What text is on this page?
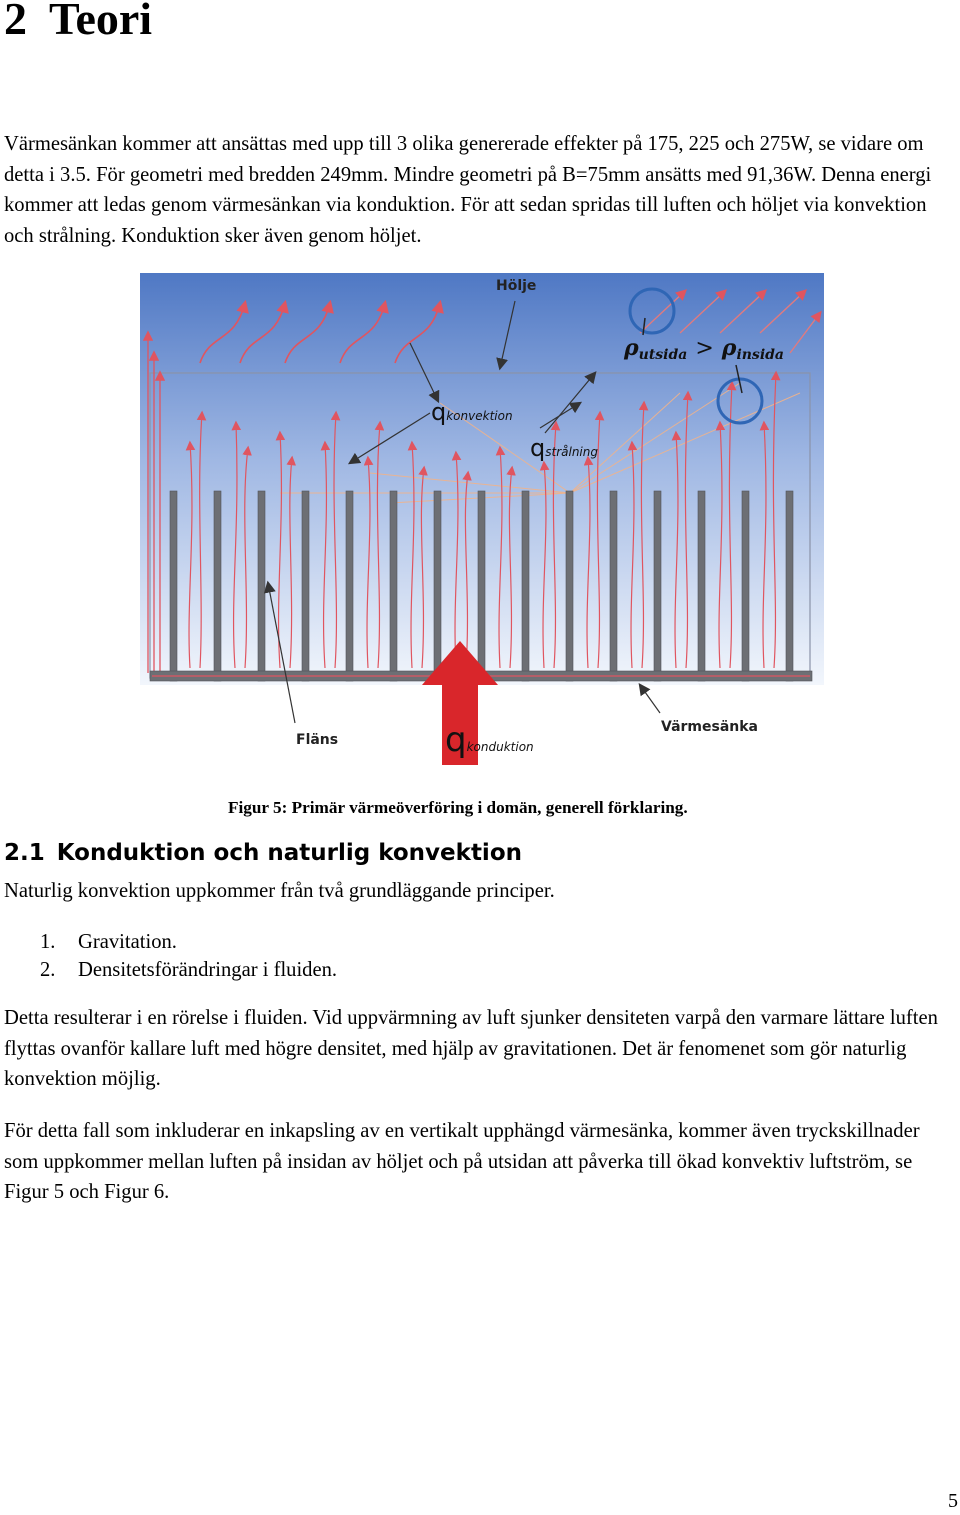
2 Teori

Värmesänkan kommer att ansättas med upp till 3 olika genererade effekter på 175, 225 och 275W, se vidare om detta i 3.5. För geometri med bredden 249mm. Mindre geometri på B=75mm ansätts med 91,36W. Denna energi kommer att ledas genom värmesänkan via konduktion. För att sedan spridas till luften och höljet via konvektion och strålning. Konduktion sker även genom höljet.

ρutsida > ρinsida
Hölje
qkonvektion
qstrålning
qkonduktion
Fläns
Värmesänka

Figur 5: Primär värmeöverföring i domän, generell förklaring.

2.1 Konduktion och naturlig konvektion

Naturlig konvektion uppkommer från två grundläggande principer.

1. Gravitation.
2. Densitetsförändringar i fluiden.

Detta resulterar i en rörelse i fluiden. Vid uppvärmning av luft sjunker densiteten varpå den varmare lättare luften flyttas ovanför kallare luft med högre densitet, med hjälp av gravitationen. Det är fenomenet som gör naturlig konvektion möjlig.

För detta fall som inkluderar en inkapsling av en vertikalt upphängd värmesänka, kommer även tryckskillnader som uppkommer mellan luften på insidan av höljet och på utsidan att påverka till ökad konvektiv luftström, se Figur 5 och Figur 6.

5
